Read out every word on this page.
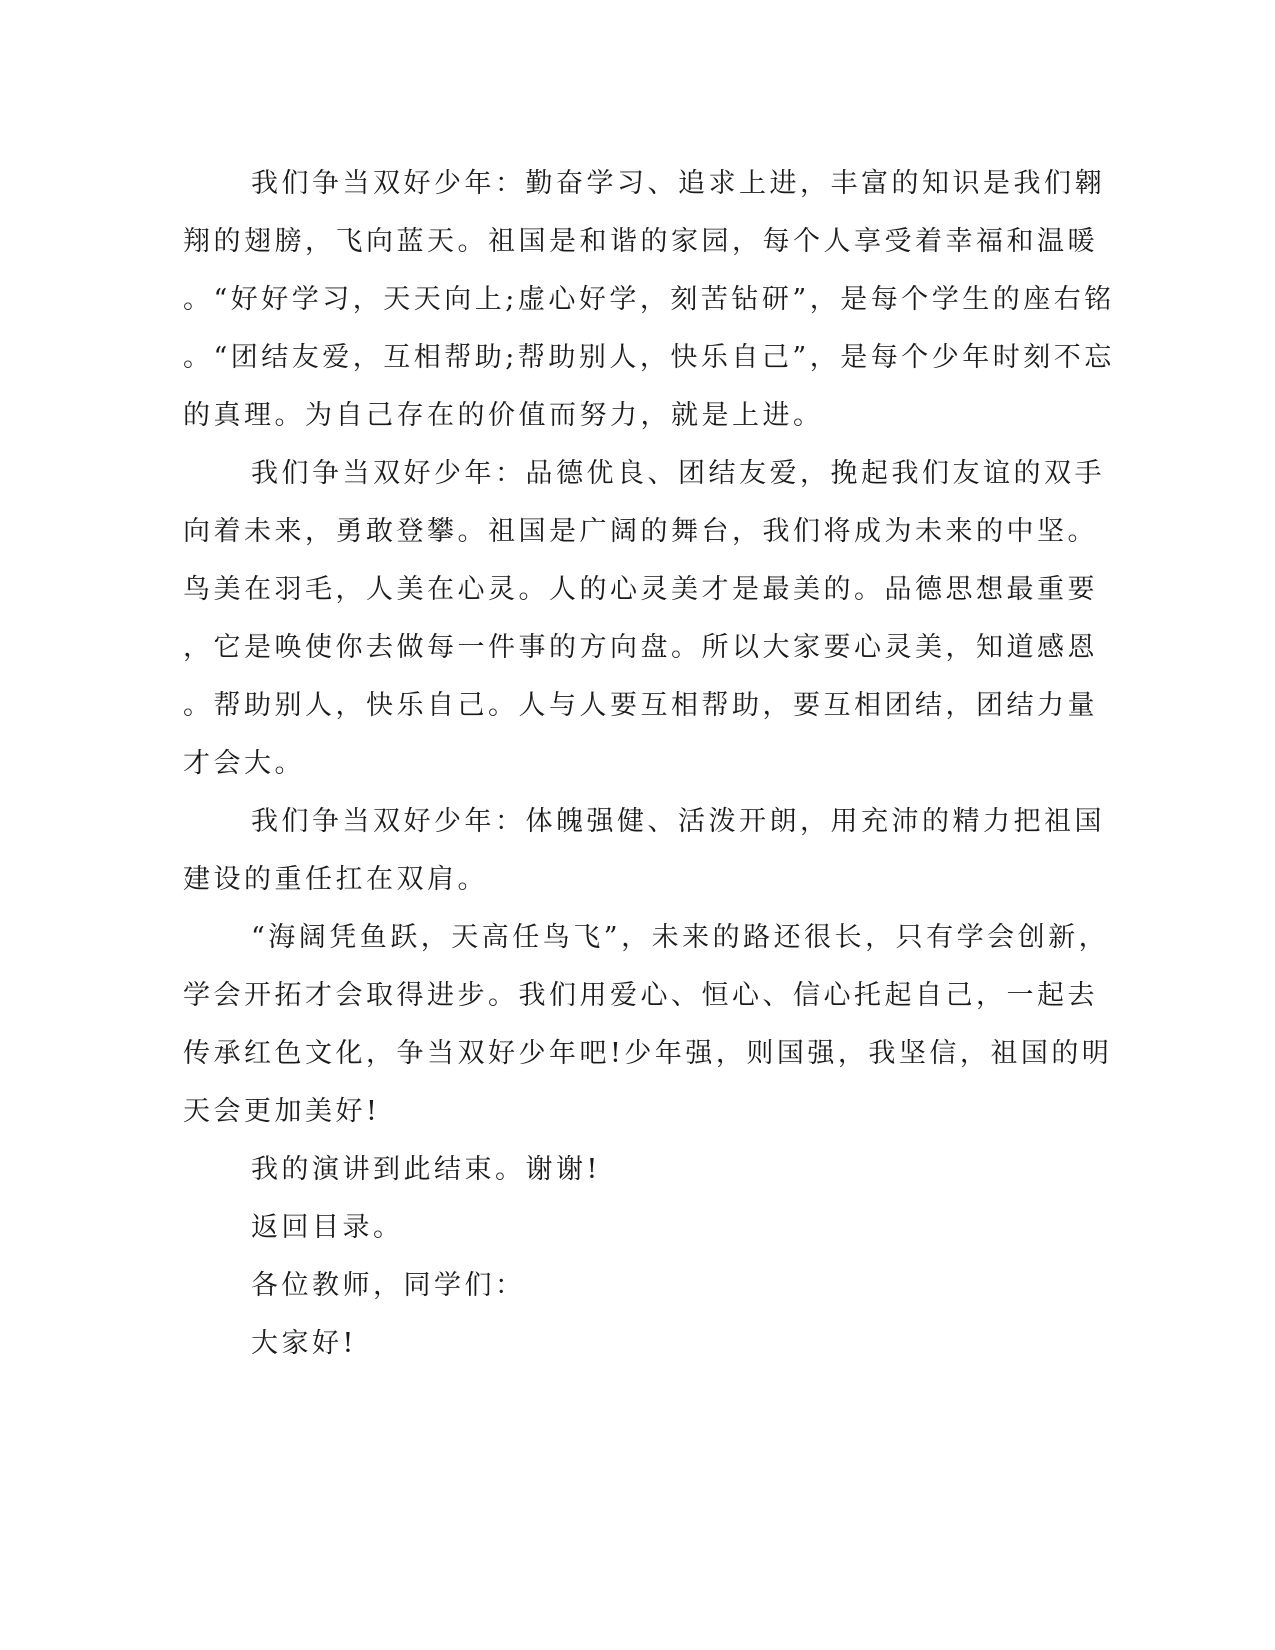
我们争当双好少年：勤奋学习、追求上进，丰富的知识是我们翱
翔的翅膀，飞向蓝天。祖国是和谐的家园，每个人享受着幸福和温暖
。“好好学习，天天向上;虚心好学，刻苦钻研”，是每个学生的座右铭
。“团结友爱，互相帮助;帮助别人，快乐自己”，是每个少年时刻不忘
的真理。为自己存在的价值而努力，就是上进。
我们争当双好少年：品德优良、团结友爱，挽起我们友谊的双手
向着未来，勇敢登攀。祖国是广阔的舞台，我们将成为未来的中坚。
鸟美在羽毛，人美在心灵。人的心灵美才是最美的。品德思想最重要
，它是唤使你去做每一件事的方向盘。所以大家要心灵美，知道感恩
。帮助别人，快乐自己。人与人要互相帮助，要互相团结，团结力量
才会大。
我们争当双好少年：体魄强健、活泼开朗，用充沛的精力把祖国
建设的重任扛在双肩。
“海阔凭鱼跃，天高任鸟飞”，未来的路还很长，只有学会创新，
学会开拓才会取得进步。我们用爱心、恒心、信心托起自己，一起去
传承红色文化，争当双好少年吧!少年强，则国强，我坚信，祖国的明
天会更加美好!
我的演讲到此结束。谢谢!
返回目录。
各位教师，同学们：
大家好!
